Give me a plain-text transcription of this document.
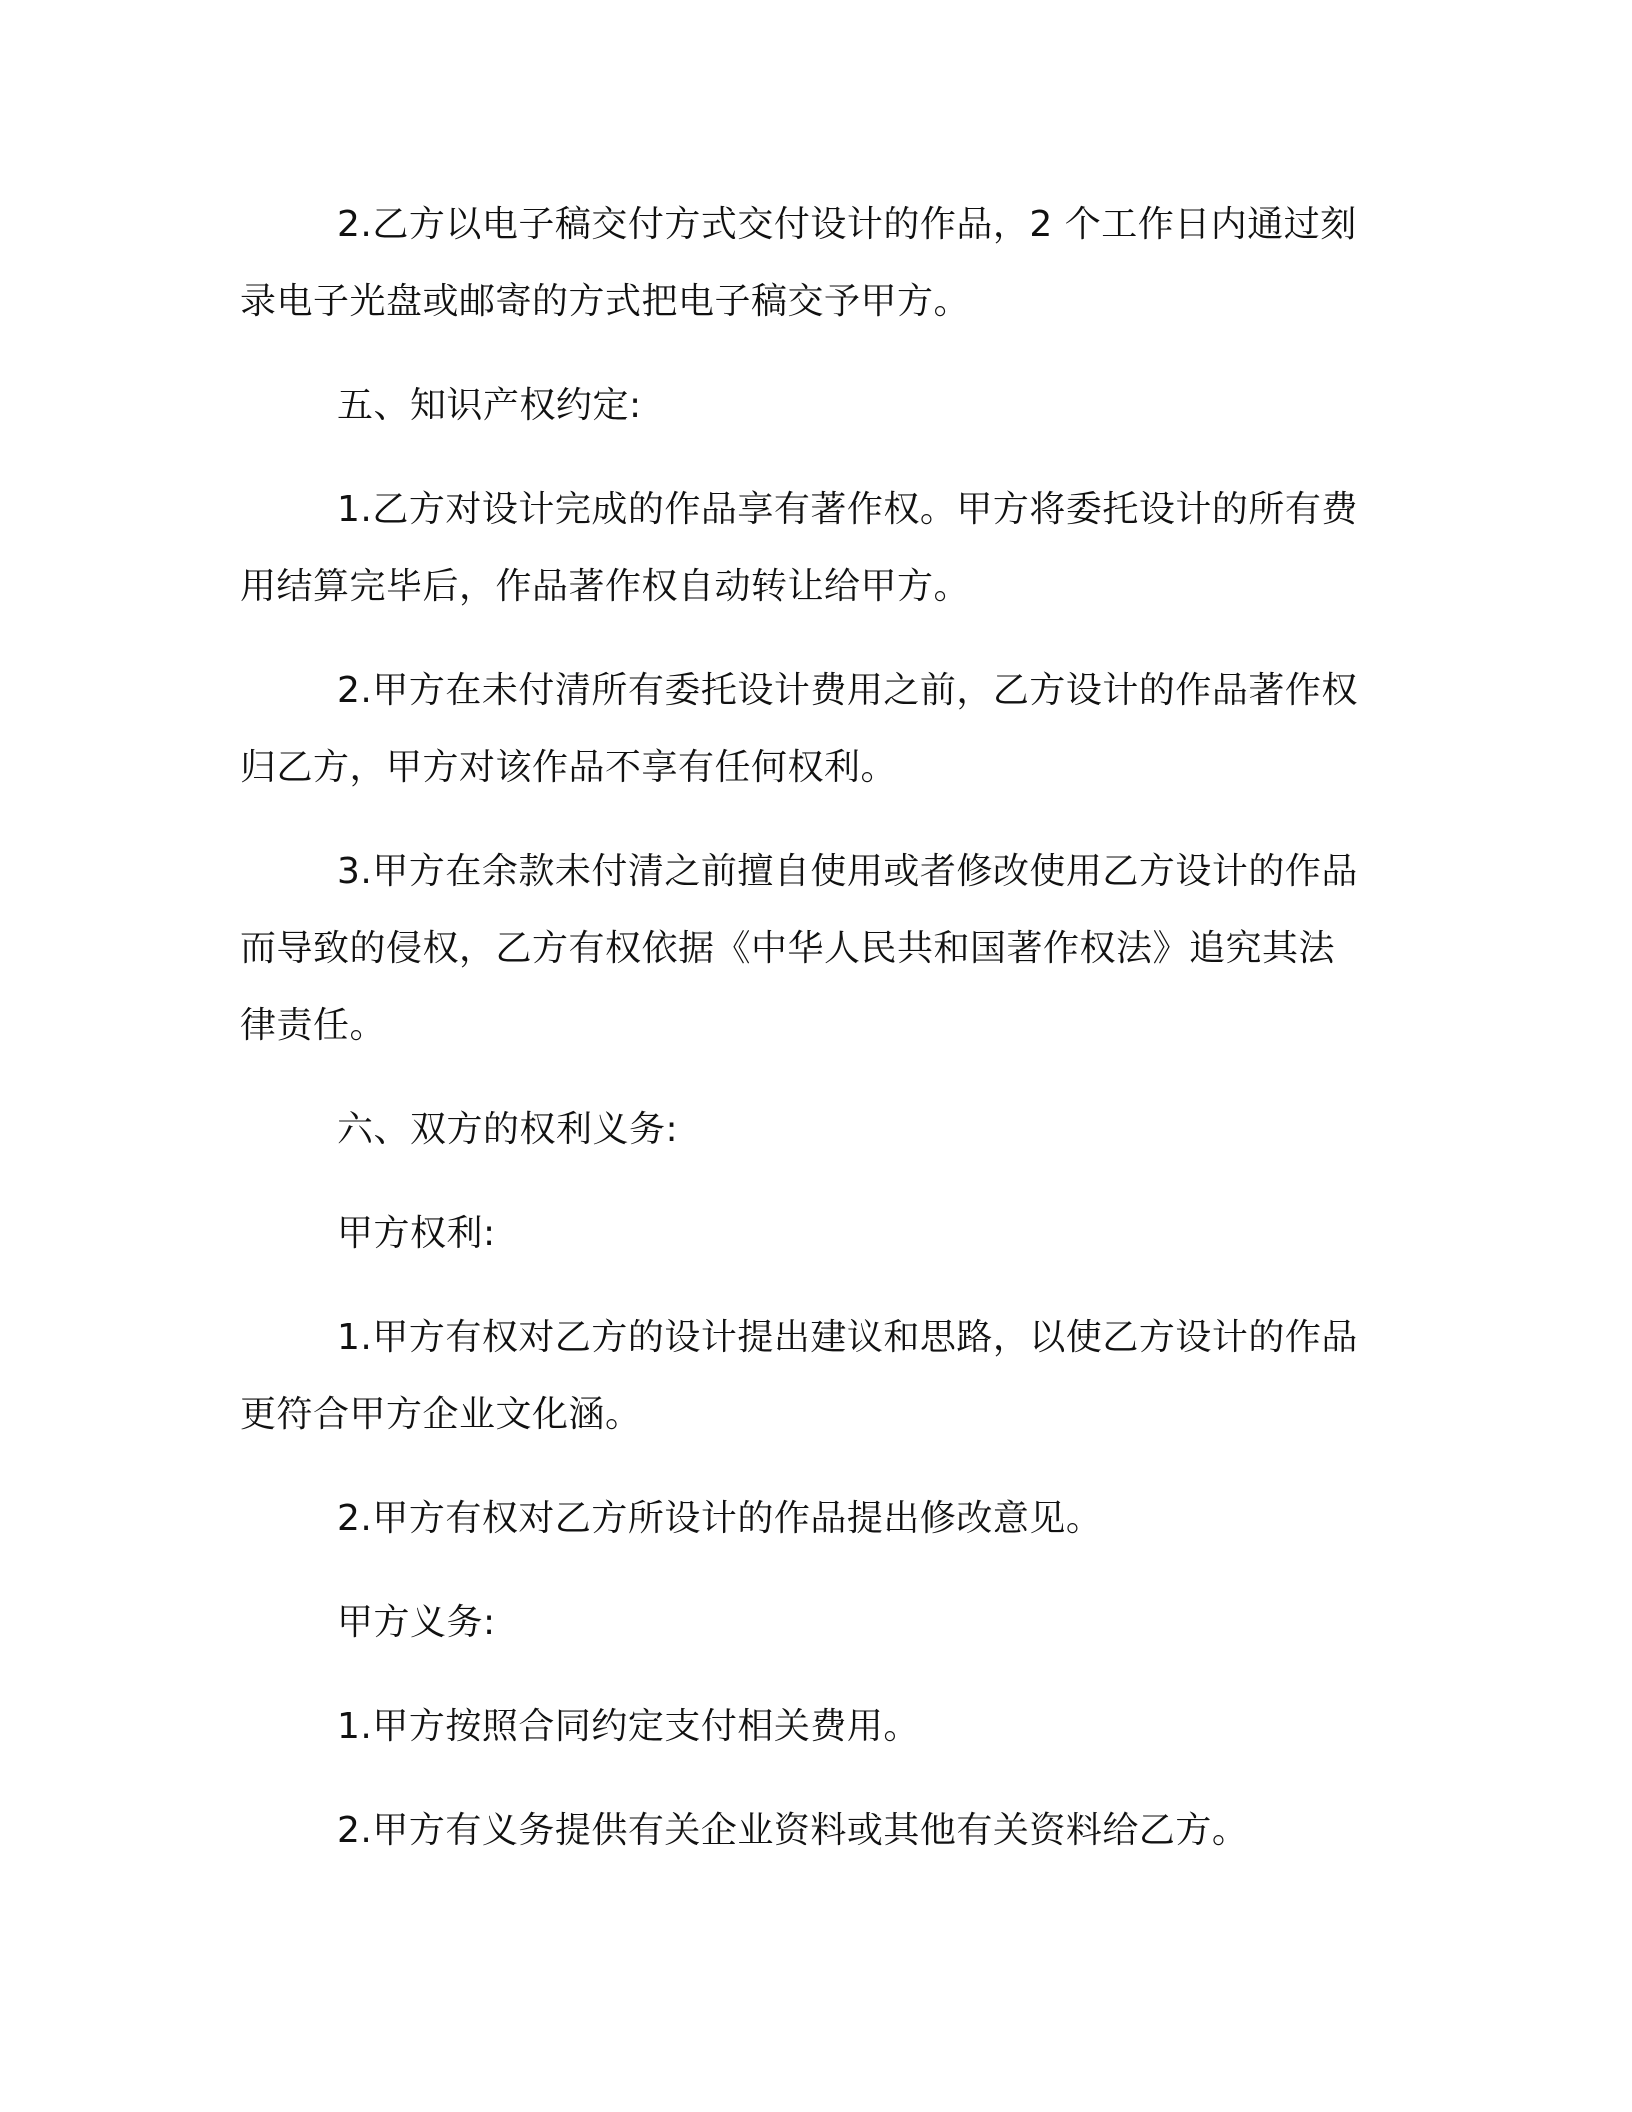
2.乙方以电子稿交付方式交付设计的作品，2 个工作日内通过刻录电子光盘或邮寄的方式把电子稿交予甲方。

五、知识产权约定:

1.乙方对设计完成的作品享有著作权。甲方将委托设计的所有费用结算完毕后，作品著作权自动转让给甲方。

2.甲方在未付清所有委托设计费用之前，乙方设计的作品著作权归乙方，甲方对该作品不享有任何权利。

3.甲方在余款未付清之前擅自使用或者修改使用乙方设计的作品而导致的侵权，乙方有权依据《中华人民共和国著作权法》追究其法律责任。

六、双方的权利义务:

甲方权利:

1.甲方有权对乙方的设计提出建议和思路，以使乙方设计的作品更符合甲方企业文化涵。

2.甲方有权对乙方所设计的作品提出修改意见。

甲方义务:

1.甲方按照合同约定支付相关费用。

2.甲方有义务提供有关企业资料或其他有关资料给乙方。
